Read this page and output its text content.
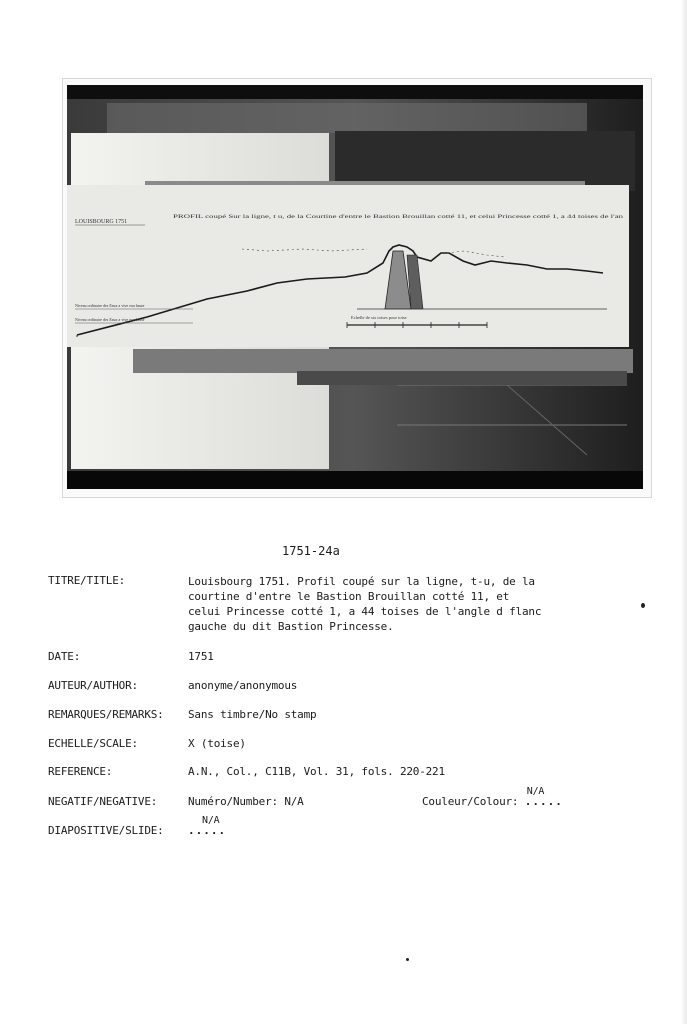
LOUISBOURG 1751
PROFIL coupé Sur la ligne, t u, de la Courtine d'entre le Bastion Brouillan cotté 11, et celui Princesse cotté 1, a 44 toises de l'an
Niveau ordinaire des Eaux a vive eau haute
Niveau ordinaire des Eaux a vive eau basse	Echelle de six toises pour toise
1751-24a
TITRE/TITLE:	Louisbourg 1751. Profil coupé sur la ligne, t-u, de la
courtine d'entre le Bastion Brouillan cotté 11, et
celui Princesse cotté 1, a 44 toises de l'angle d flanc
gauche du dit Bastion Princesse.
DATE:	1751
AUTEUR/AUTHOR:	anonyme/anonymous
REMARQUES/REMARKS: Sans timbre/No stamp
ECHELLE/SCALE:	X (toise)
REFERENCE:	A.N., Col., C11B, Vol. 31, fols. 220-221
NEGATIF/NEGATIVE:	Numéro/Number: N/A	Couleur/Colour:
N/A
.....
DIAPOSITIVE/SLIDE:
N/A
.....
